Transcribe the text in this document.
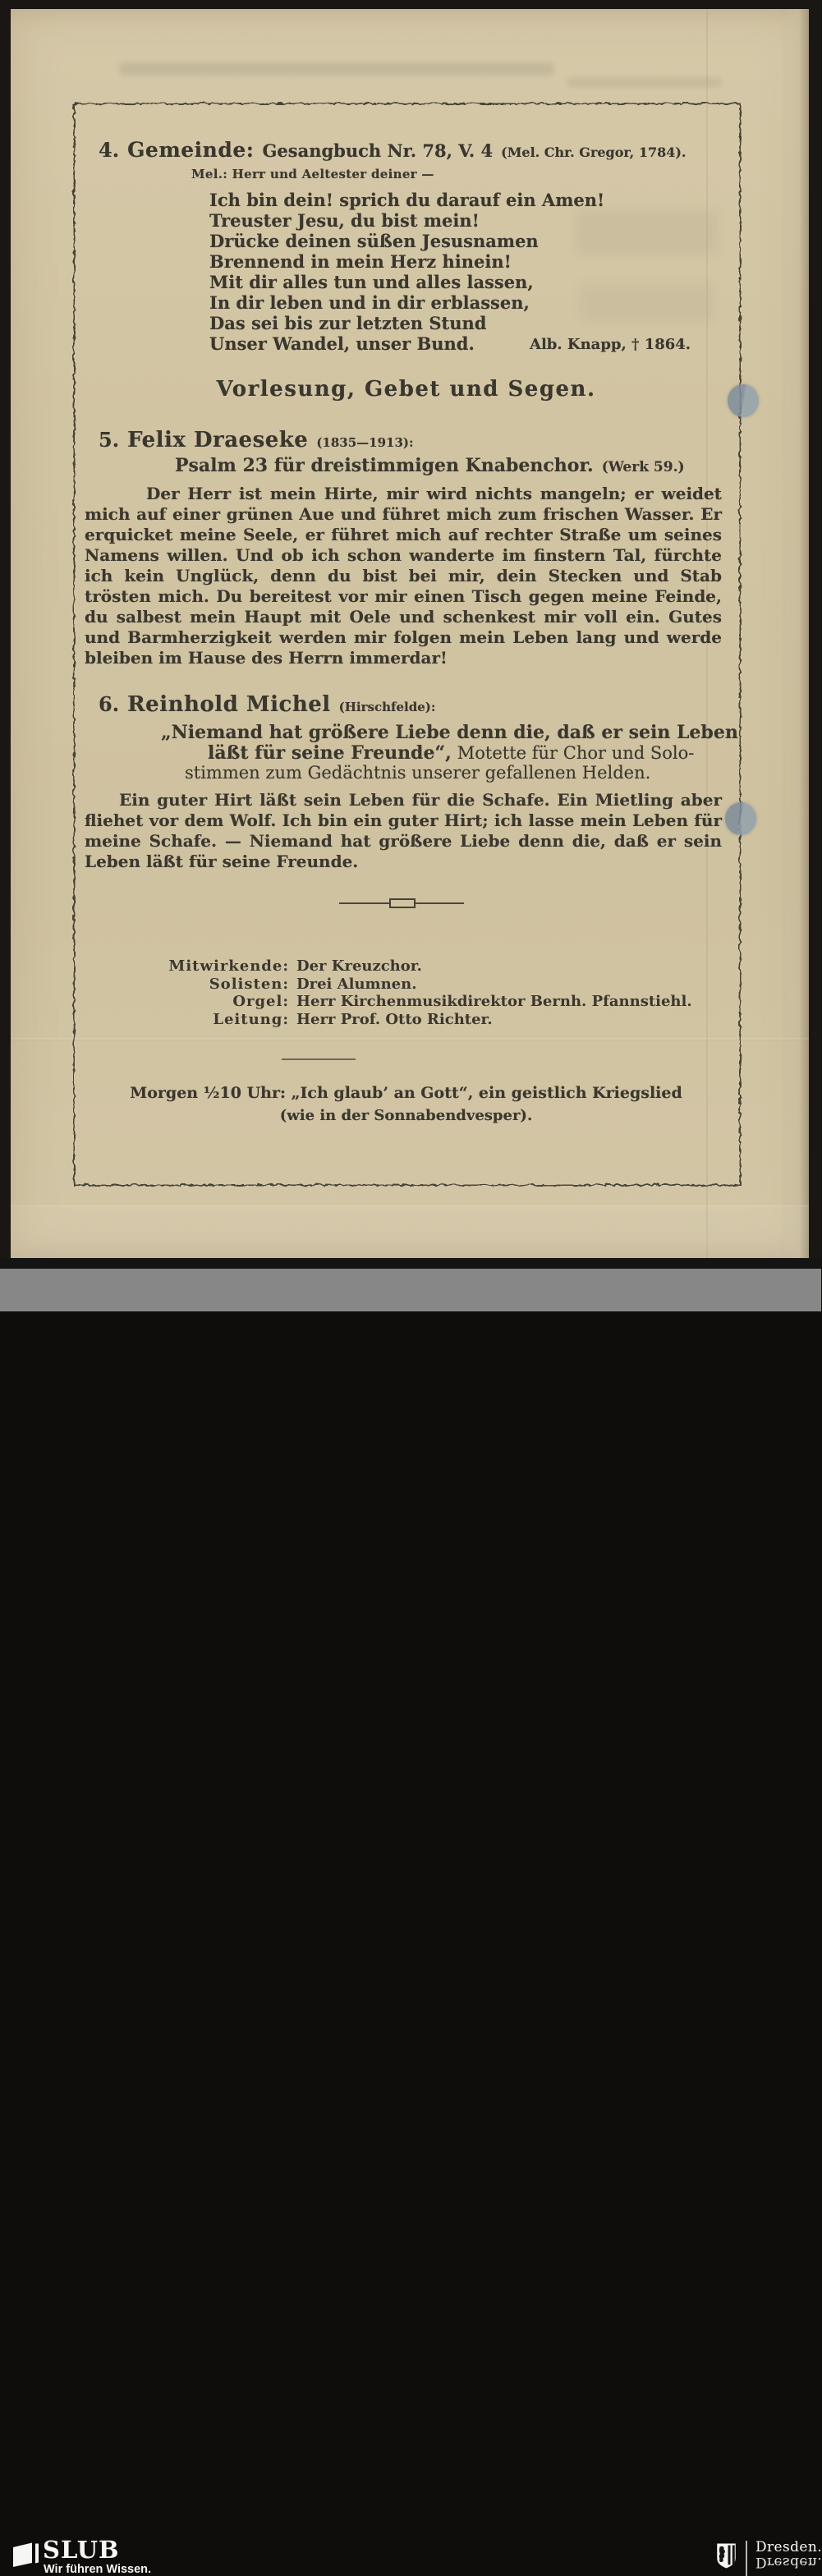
4. Gemeinde: Gesangbuch Nr. 78, V. 4 (Mel. Chr. Gregor, 1784).
Mel.: Herr und Aeltester deiner —
Ich bin dein! sprich du darauf ein Amen!
Treuster Jesu, du bist mein!
Drücke deinen süßen Jesusnamen
Brennend in mein Herz hinein!
Mit dir alles tun und alles lassen,
In dir leben und in dir erblassen,
Das sei bis zur letzten Stund
Unser Wandel, unser Bund.	Alb. Knapp, † 1864.
Vorlesung, Gebet und Segen.
5. Felix Draeseke (1835—1913):
Psalm 23 für dreistimmigen Knabenchor. (Werk 59.)
Der Herr ist mein Hirte, mir wird nichts mangeln; er weidet mich auf einer grünen Aue und führet mich zum frischen Wasser. Er erquicket meine Seele, er führet mich auf rechter Straße um seines Namens willen. Und ob ich schon wanderte im finstern Tal, fürchte ich kein Unglück, denn du bist bei mir, dein Stecken und Stab trösten mich. Du bereitest vor mir einen Tisch gegen meine Feinde, du salbest mein Haupt mit Oele und schenkest mir voll ein. Gutes und Barmherzigkeit werden mir folgen mein Leben lang und werde bleiben im Hause des Herrn immerdar!
6. Reinhold Michel (Hirschfelde):
„Niemand hat größere Liebe denn die, daß er sein Leben
läßt für seine Freunde“, Motette für Chor und Solo-
stimmen zum Gedächtnis unserer gefallenen Helden.
Ein guter Hirt läßt sein Leben für die Schafe. Ein Mietling aber fliehet vor dem Wolf. Ich bin ein guter Hirt; ich lasse mein Leben für meine Schafe. — Niemand hat größere Liebe denn die, daß er sein Leben läßt für seine Freunde.
Mitwirkende: Der Kreuzchor.
Solisten: Drei Alumnen.
Orgel: Herr Kirchenmusikdirektor Bernh. Pfannstiehl.
Leitung: Herr Prof. Otto Richter.
Morgen ½10 Uhr: „Ich glaub’ an Gott“, ein geistlich Kriegslied
(wie in der Sonnabendvesper).
SLUB
Wir führen Wissen.
Dresden.
Dresden.
